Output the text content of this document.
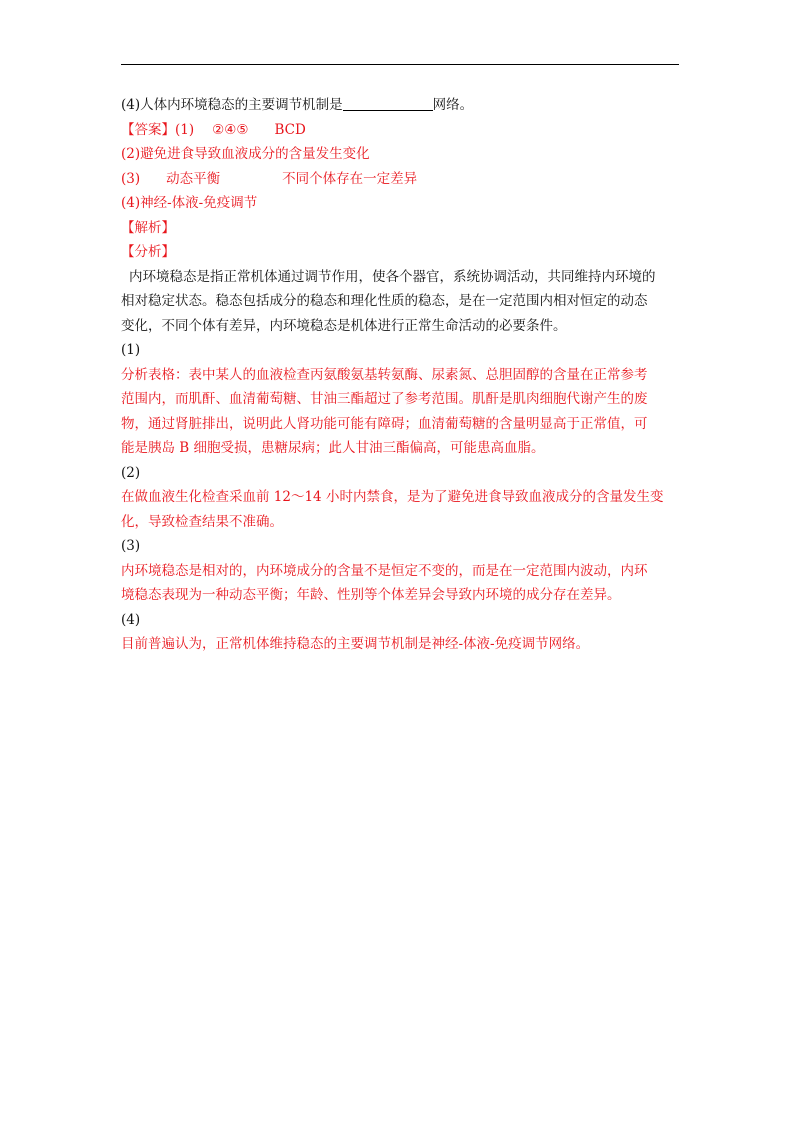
(4)人体内环境稳态的主要调节机制是	网络。
【答案】(1) ②④⑤ BCD
(2)避免进食导致血液成分的含量发生变化
(3) 动态平衡	不同个体存在一定差异
(4)神经-体液-免疫调节
【解析】
【分析】
内环境稳态是指正常机体通过调节作用，使各个器官，系统协调活动，共同维持内环境的
相对稳定状态。稳态包括成分的稳态和理化性质的稳态，是在一定范围内相对恒定的动态
变化，不同个体有差异，内环境稳态是机体进行正常生命活动的必要条件。
(1)
分析表格：表中某人的血液检查丙氨酸氨基转氨酶、尿素氮、总胆固醇的含量在正常参考
范围内，而肌酐、血清葡萄糖、甘油三酯超过了参考范围。肌酐是肌肉细胞代谢产生的废
物，通过肾脏排出，说明此人肾功能可能有障碍；血清葡萄糖的含量明显高于正常值，可
能是胰岛 B 细胞受损，患糖尿病；此人甘油三酯偏高，可能患高血脂。
(2)
在做血液生化检查采血前 12～14 小时内禁食，是为了避免进食导致血液成分的含量发生变
化，导致检查结果不准确。
(3)
内环境稳态是相对的，内环境成分的含量不是恒定不变的，而是在一定范围内波动，内环
境稳态表现为一种动态平衡；年龄、性别等个体差异会导致内环境的成分存在差异。
(4)
目前普遍认为，正常机体维持稳态的主要调节机制是神经-体液-免疫调节网络。
